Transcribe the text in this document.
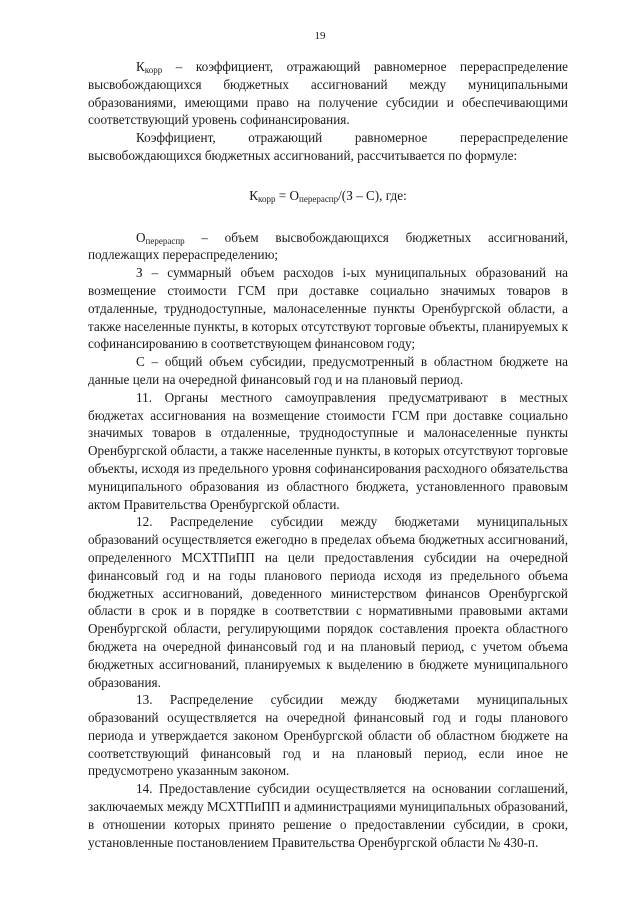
19

$К_{корр}$ – коэффициент, отражающий равномерное перераспределение высвобождающихся бюджетных ассигнований между муниципальными образованиями, имеющими право на получение субсидии и обеспечивающими соответствующий уровень софинансирования.

Коэффициент, отражающий равномерное перераспределение высвобождающихся бюджетных ассигнований, рассчитывается по формуле:

$К_{корр} = О_{перераспр}/(З - С)$, где:

$О_{перераспр}$ – объем высвобождающихся бюджетных ассигнований, подлежащих перераспределению;

З – суммарный объем расходов i-ых муниципальных образований на возмещение стоимости ГСМ при доставке социально значимых товаров в отдаленные, труднодоступные, малонаселенные пункты Оренбургской области, а также населенные пункты, в которых отсутствуют торговые объекты, планируемых к софинансированию в соответствующем финансовом году;

С – общий объем субсидии, предусмотренный в областном бюджете на данные цели на очередной финансовый год и на плановый период.

11. Органы местного самоуправления предусматривают в местных бюджетах ассигнования на возмещение стоимости ГСМ при доставке социально значимых товаров в отдаленные, труднодоступные и малонаселенные пункты Оренбургской области, а также населенные пункты, в которых отсутствуют торговые объекты, исходя из предельного уровня софинансирования расходного обязательства муниципального образования из областного бюджета, установленного правовым актом Правительства Оренбургской области.

12. Распределение субсидии между бюджетами муниципальных образований осуществляется ежегодно в пределах объема бюджетных ассигнований, определенного МСХТПиПП на цели предоставления субсидии на очередной финансовый год и на годы планового периода исходя из предельного объема бюджетных ассигнований, доведенного министерством финансов Оренбургской области в срок и в порядке в соответствии с нормативными правовыми актами Оренбургской области, регулирующими порядок составления проекта областного бюджета на очередной финансовый год и на плановый период, с учетом объема бюджетных ассигнований, планируемых к выделению в бюджете муниципального образования.

13. Распределение субсидии между бюджетами муниципальных образований осуществляется на очередной финансовый год и годы планового периода и утверждается законом Оренбургской области об областном бюджете на соответствующий финансовый год и на плановый период, если иное не предусмотрено указанным законом.

14. Предоставление субсидии осуществляется на основании соглашений, заключаемых между МСХТПиПП и администрациями муниципальных образований, в отношении которых принято решение о предоставлении субсидии, в сроки, установленные постановлением Правительства Оренбургской области № 430-п.
